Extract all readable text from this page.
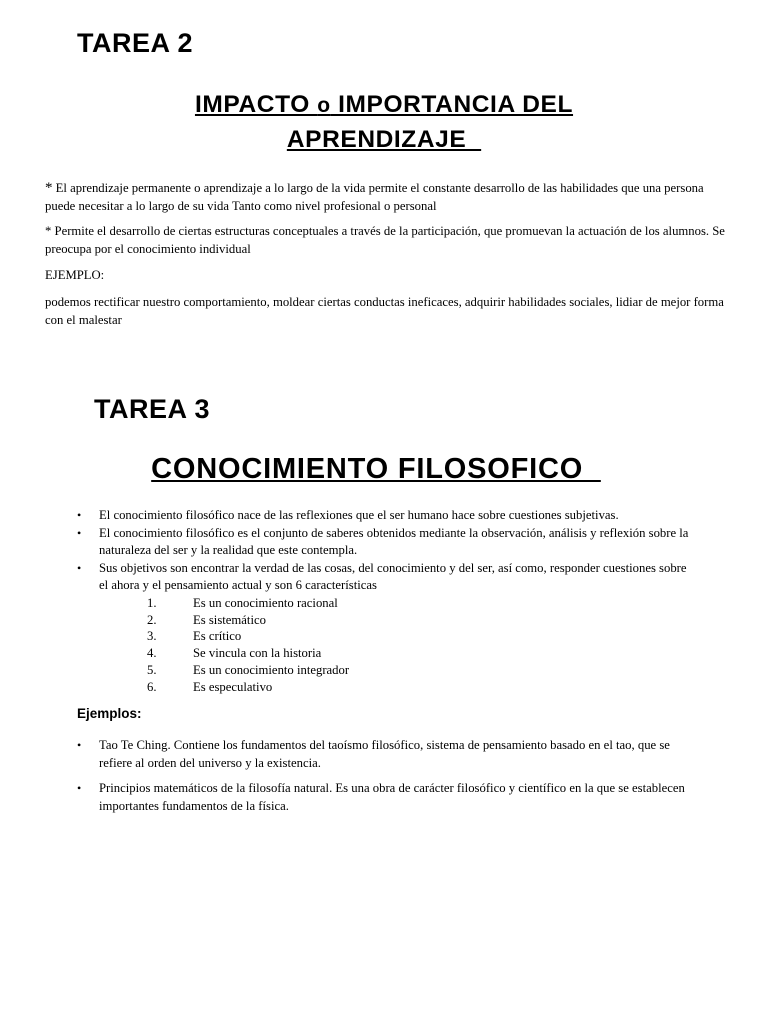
TAREA 2
IMPACTO o IMPORTANCIA DEL
APRENDIZAJE
* El aprendizaje permanente o aprendizaje a lo largo de la vida permite el constante desarrollo de las habilidades que una persona puede necesitar a lo largo de su vida Tanto como nivel profesional o personal
* Permite el desarrollo de ciertas estructuras conceptuales a través de la participación, que promuevan la actuación de los alumnos. Se preocupa por el conocimiento individual
EJEMPLO:
podemos rectificar nuestro comportamiento, moldear ciertas conductas ineficaces, adquirir habilidades sociales, lidiar de mejor forma con el malestar
TAREA 3
CONOCIMIENTO FILOSOFICO
• El conocimiento filosófico nace de las reflexiones que el ser humano hace sobre cuestiones subjetivas.
• El conocimiento filosófico es el conjunto de saberes obtenidos mediante la observación, análisis y reflexión sobre la naturaleza del ser y la realidad que este contempla.
• Sus objetivos son encontrar la verdad de las cosas, del conocimiento y del ser, así como, responder cuestiones sobre el ahora y el pensamiento actual y son 6 características
1.	Es un conocimiento racional
2.	Es sistemático
3.	Es crítico
4.	Se vincula con la historia
5.	Es un conocimiento integrador
6.	Es especulativo
Ejemplos:
• Tao Te Ching. Contiene los fundamentos del taoísmo filosófico, sistema de pensamiento basado en el tao, que se refiere al orden del universo y la existencia.
• Principios matemáticos de la filosofía natural. Es una obra de carácter filosófico y científico en la que se establecen importantes fundamentos de la física.
